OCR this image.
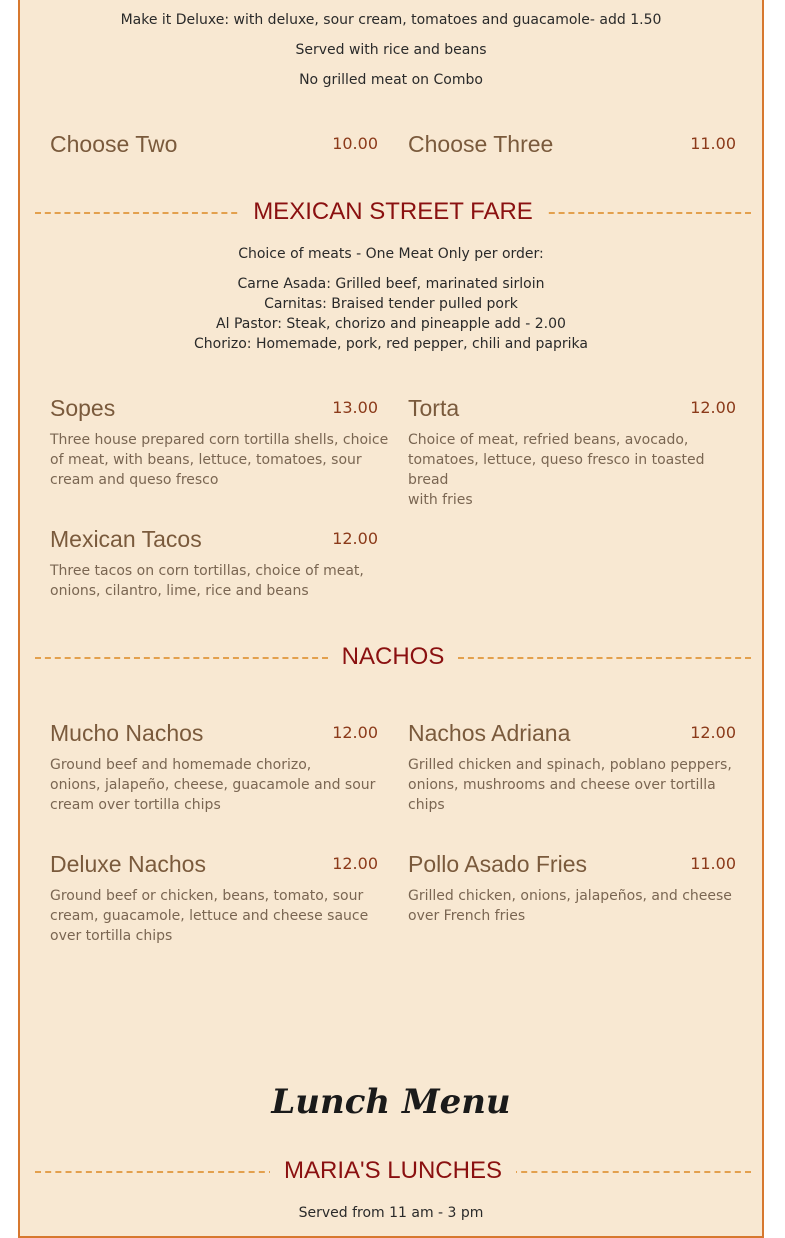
Make it Deluxe: with deluxe, sour cream, tomatoes and guacamole- add 1.50
Served with rice and beans
No grilled meat on Combo
Choose Two	10.00 Choose Three	11.00
MEXICAN STREET FARE
Choice of meats - One Meat Only per order:
Carne Asada: Grilled beef, marinated sirloin
Carnitas: Braised tender pulled pork
Al Pastor: Steak, chorizo and pineapple add - 2.00
Chorizo: Homemade, pork, red pepper, chili and paprika
Sopes	13.00
Three house prepared corn tortilla shells, choice
of meat, with beans, lettuce, tomatoes, sour
cream and queso fresco
Torta	12.00
Choice of meat, refried beans, avocado,
tomatoes, lettuce, queso fresco in toasted bread
with fries
Mexican Tacos	12.00
Three tacos on corn tortillas, choice of meat,
onions, cilantro, lime, rice and beans
NACHOS
Mucho Nachos	12.00
Ground beef and homemade chorizo,
onions, jalapeño, cheese, guacamole and sour
cream over tortilla chips
Nachos Adriana	12.00
Grilled chicken and spinach, poblano peppers,
onions, mushrooms and cheese over tortilla
chips
Deluxe Nachos	12.00
Ground beef or chicken, beans, tomato, sour
cream, guacamole, lettuce and cheese sauce
over tortilla chips
Pollo Asado Fries	11.00
Grilled chicken, onions, jalapeños, and cheese
over French fries
Lunch Menu
MARIA'S LUNCHES
Served from 11 am - 3 pm
